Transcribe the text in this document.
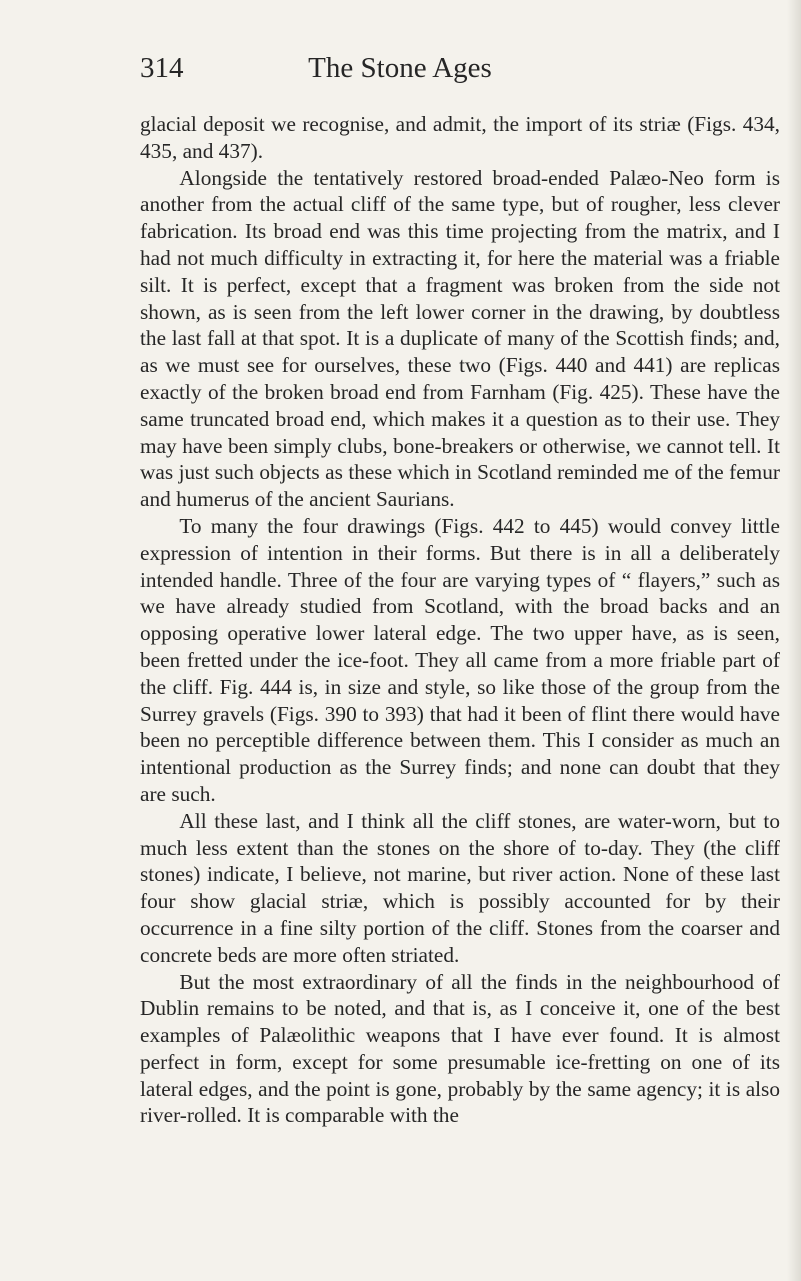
314	The Stone Ages

glacial deposit we recognise, and admit, the import of its striæ (Figs. 434, 435, and 437).

Alongside the tentatively restored broad-ended Palæo-Neo form is another from the actual cliff of the same type, but of rougher, less clever fabrication. Its broad end was this time projecting from the matrix, and I had not much difficulty in extracting it, for here the material was a friable silt. It is perfect, except that a fragment was broken from the side not shown, as is seen from the left lower corner in the drawing, by doubtless the last fall at that spot. It is a duplicate of many of the Scottish finds; and, as we must see for ourselves, these two (Figs. 440 and 441) are replicas exactly of the broken broad end from Farnham (Fig. 425). These have the same truncated broad end, which makes it a question as to their use. They may have been simply clubs, bone-breakers or otherwise, we cannot tell. It was just such objects as these which in Scotland reminded me of the femur and humerus of the ancient Saurians.

To many the four drawings (Figs. 442 to 445) would convey little expression of intention in their forms. But there is in all a deliberately intended handle. Three of the four are varying types of “ flayers,” such as we have already studied from Scotland, with the broad backs and an opposing operative lower lateral edge. The two upper have, as is seen, been fretted under the ice-foot. They all came from a more friable part of the cliff. Fig. 444 is, in size and style, so like those of the group from the Surrey gravels (Figs. 390 to 393) that had it been of flint there would have been no perceptible difference between them. This I consider as much an intentional production as the Surrey finds; and none can doubt that they are such.

All these last, and I think all the cliff stones, are water-worn, but to much less extent than the stones on the shore of to-day. They (the cliff stones) indicate, I believe, not marine, but river action. None of these last four show glacial striæ, which is possibly accounted for by their occurrence in a fine silty portion of the cliff. Stones from the coarser and concrete beds are more often striated.

But the most extraordinary of all the finds in the neighbourhood of Dublin remains to be noted, and that is, as I conceive it, one of the best examples of Palæolithic weapons that I have ever found. It is almost perfect in form, except for some presumable ice-fretting on one of its lateral edges, and the point is gone, probably by the same agency; it is also river-rolled. It is comparable with the
